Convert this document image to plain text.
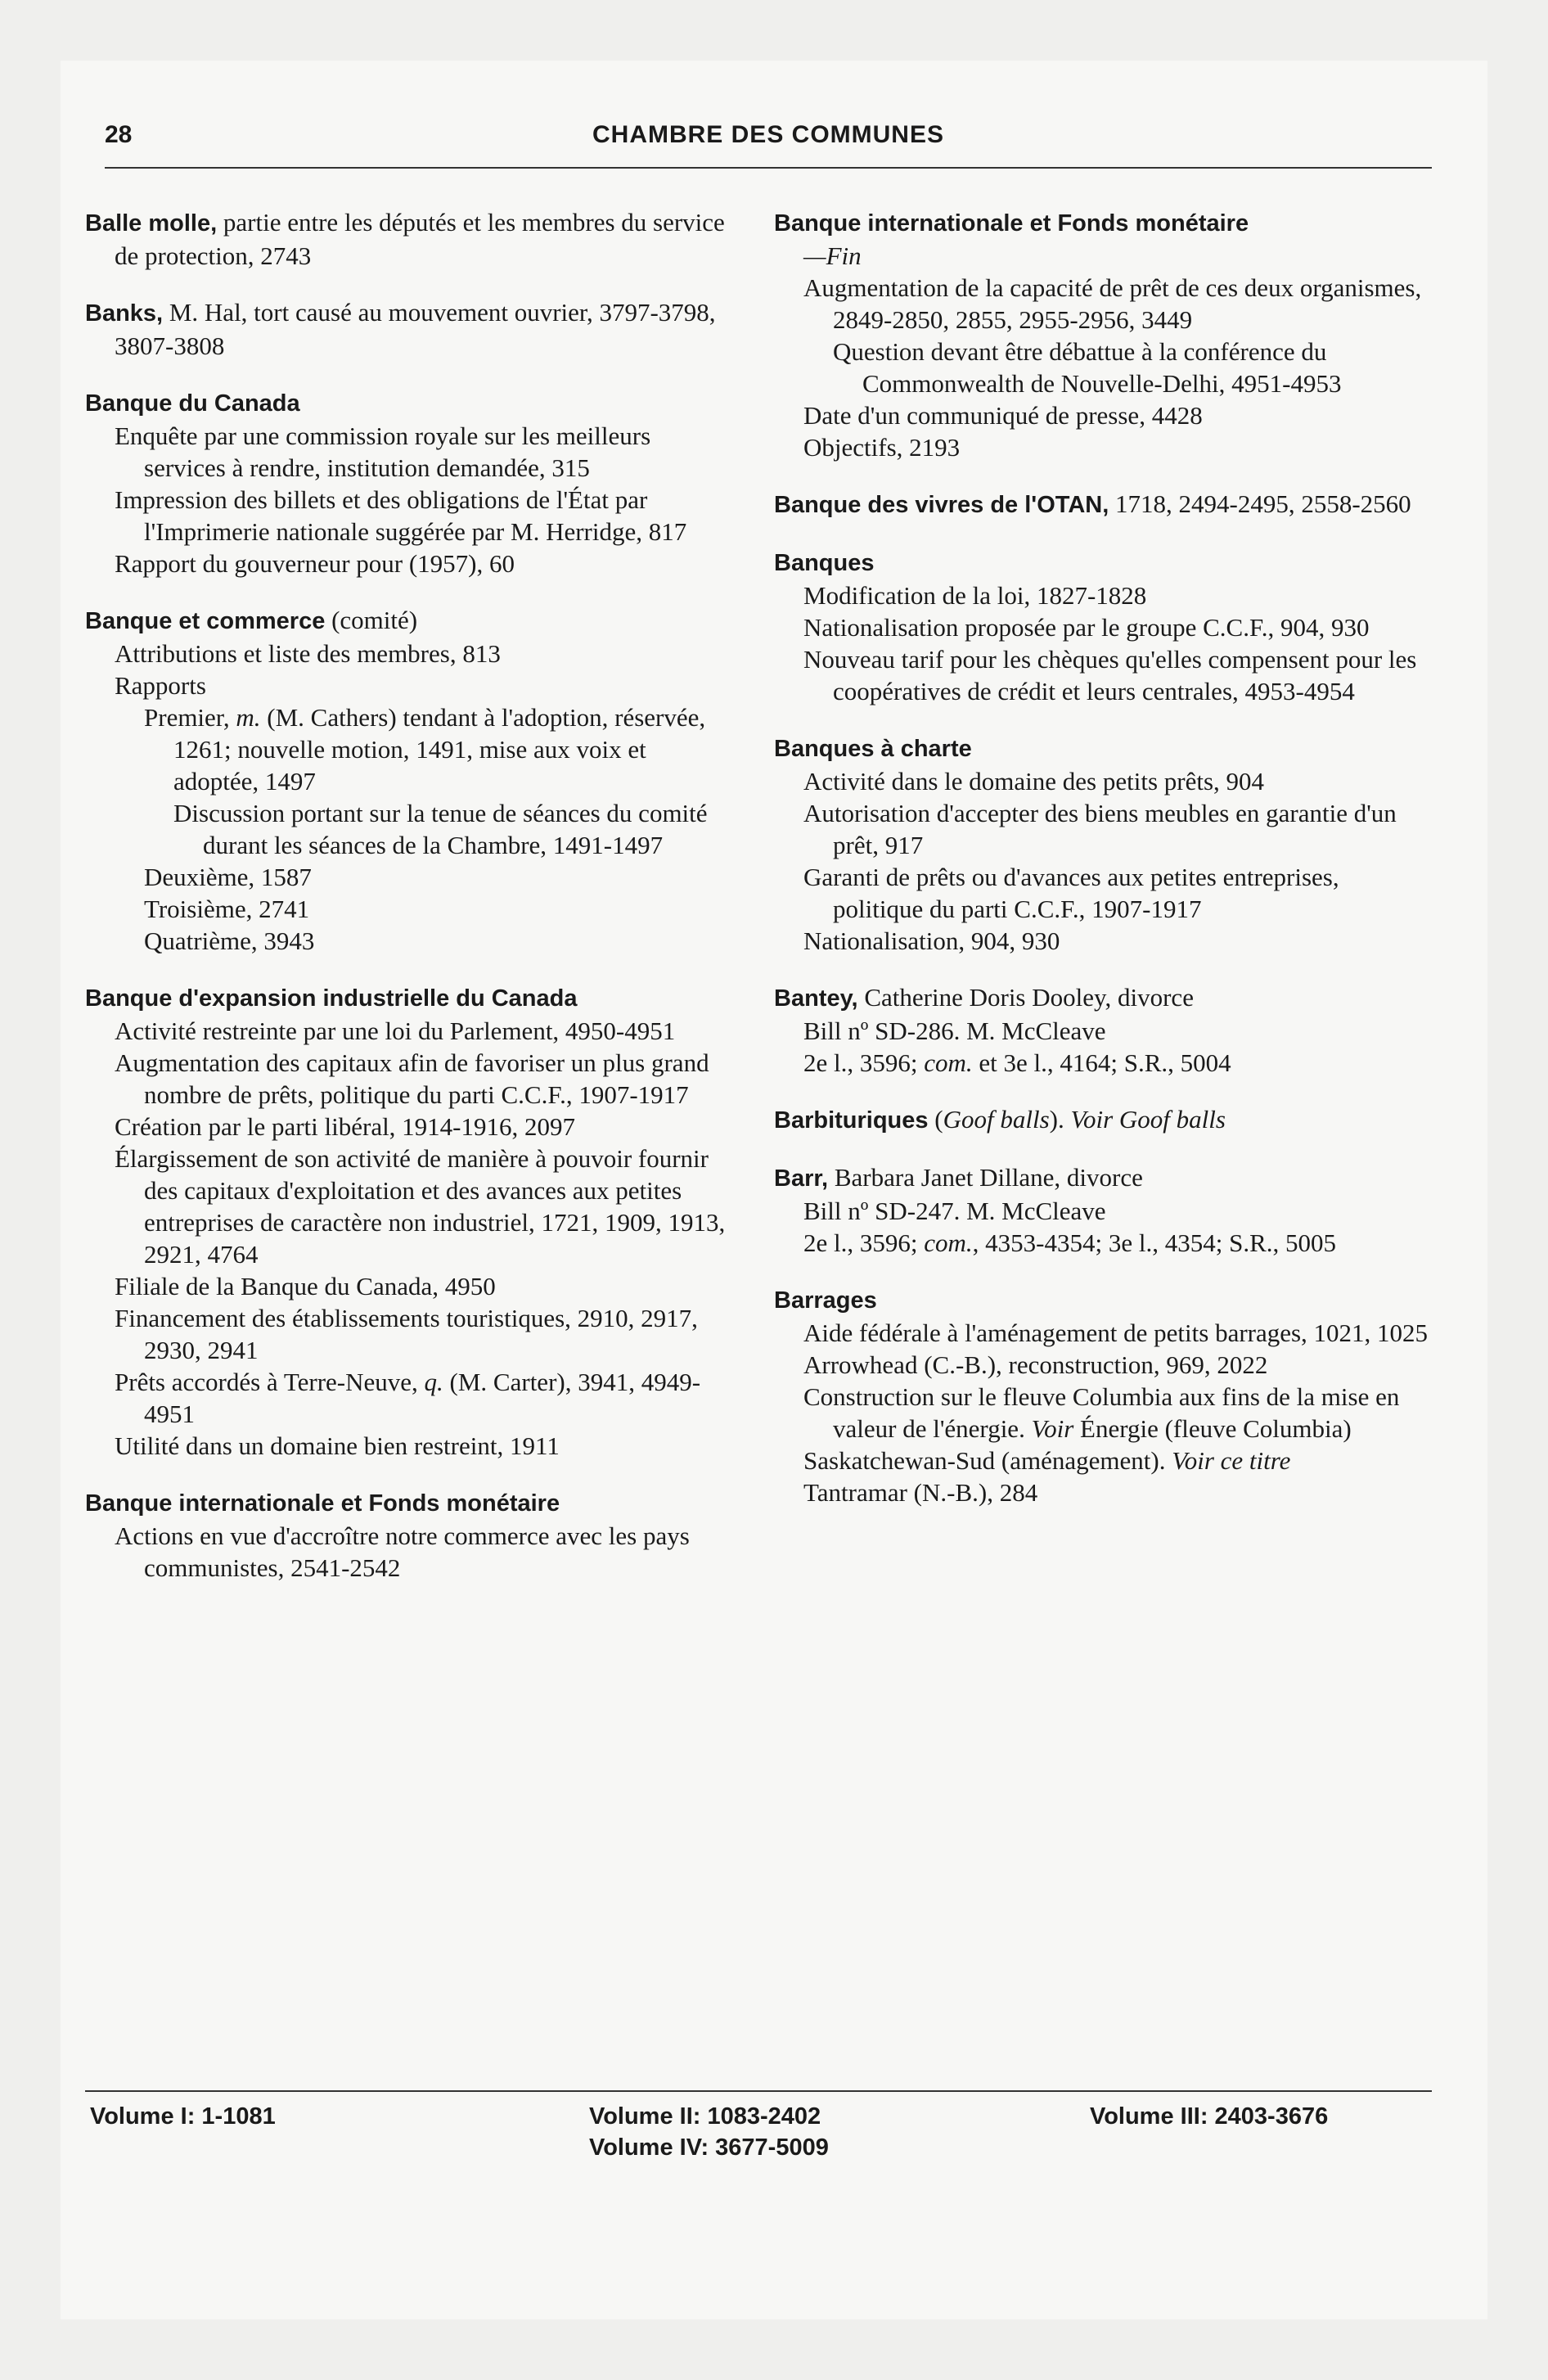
28	CHAMBRE DES COMMUNES
Balle molle, partie entre les députés et les membres du service de protection, 2743
Banks, M. Hal, tort causé au mouvement ouvrier, 3797-3798, 3807-3808
Banque du Canada
Enquête par une commission royale sur les meilleurs services à rendre, institution demandée, 315
Impression des billets et des obligations de l'État par l'Imprimerie nationale suggérée par M. Herridge, 817
Rapport du gouverneur pour (1957), 60
Banque et commerce (comité)
Attributions et liste des membres, 813
Rapports
Premier, m. (M. Cathers) tendant à l'adoption, réservée, 1261; nouvelle motion, 1491, mise aux voix et adoptée, 1497
Discussion portant sur la tenue de séances du comité durant les séances de la Chambre, 1491-1497
Deuxième, 1587
Troisième, 2741
Quatrième, 3943
Banque d'expansion industrielle du Canada
Activité restreinte par une loi du Parlement, 4950-4951
Augmentation des capitaux afin de favoriser un plus grand nombre de prêts, politique du parti C.C.F., 1907-1917
Création par le parti libéral, 1914-1916, 2097
Élargissement de son activité de manière à pouvoir fournir des capitaux d'exploitation et des avances aux petites entreprises de caractère non industriel, 1721, 1909, 1913, 2921, 4764
Filiale de la Banque du Canada, 4950
Financement des établissements touristiques, 2910, 2917, 2930, 2941
Prêts accordés à Terre-Neuve, q. (M. Carter), 3941, 4949-4951
Utilité dans un domaine bien restreint, 1911
Banque internationale et Fonds monétaire
Actions en vue d'accroître notre commerce avec les pays communistes, 2541-2542
Banque internationale et Fonds monétaire
—Fin
Augmentation de la capacité de prêt de ces deux organismes, 2849-2850, 2855, 2955-2956, 3449
Question devant être débattue à la conférence du Commonwealth de Nouvelle-Delhi, 4951-4953
Date d'un communiqué de presse, 4428
Objectifs, 2193
Banque des vivres de l'OTAN, 1718, 2494-2495, 2558-2560
Banques
Modification de la loi, 1827-1828
Nationalisation proposée par le groupe C.C.F., 904, 930
Nouveau tarif pour les chèques qu'elles compensent pour les coopératives de crédit et leurs centrales, 4953-4954
Banques à charte
Activité dans le domaine des petits prêts, 904
Autorisation d'accepter des biens meubles en garantie d'un prêt, 917
Garanti de prêts ou d'avances aux petites entreprises, politique du parti C.C.F., 1907-1917
Nationalisation, 904, 930
Bantey, Catherine Doris Dooley, divorce
Bill nº SD-286. M. McCleave
2e l., 3596; com. et 3e l., 4164; S.R., 5004
Barbituriques (Goof balls). Voir Goof balls
Barr, Barbara Janet Dillane, divorce
Bill nº SD-247. M. McCleave
2e l., 3596; com., 4353-4354; 3e l., 4354; S.R., 5005
Barrages
Aide fédérale à l'aménagement de petits barrages, 1021, 1025
Arrowhead (C.-B.), reconstruction, 969, 2022
Construction sur le fleuve Columbia aux fins de la mise en valeur de l'énergie. Voir Énergie (fleuve Columbia)
Saskatchewan-Sud (aménagement). Voir ce titre
Tantramar (N.-B.), 284
Volume I: 1-1081	Volume II: 1083-2402	Volume III: 2403-3676
Volume IV: 3677-5009
